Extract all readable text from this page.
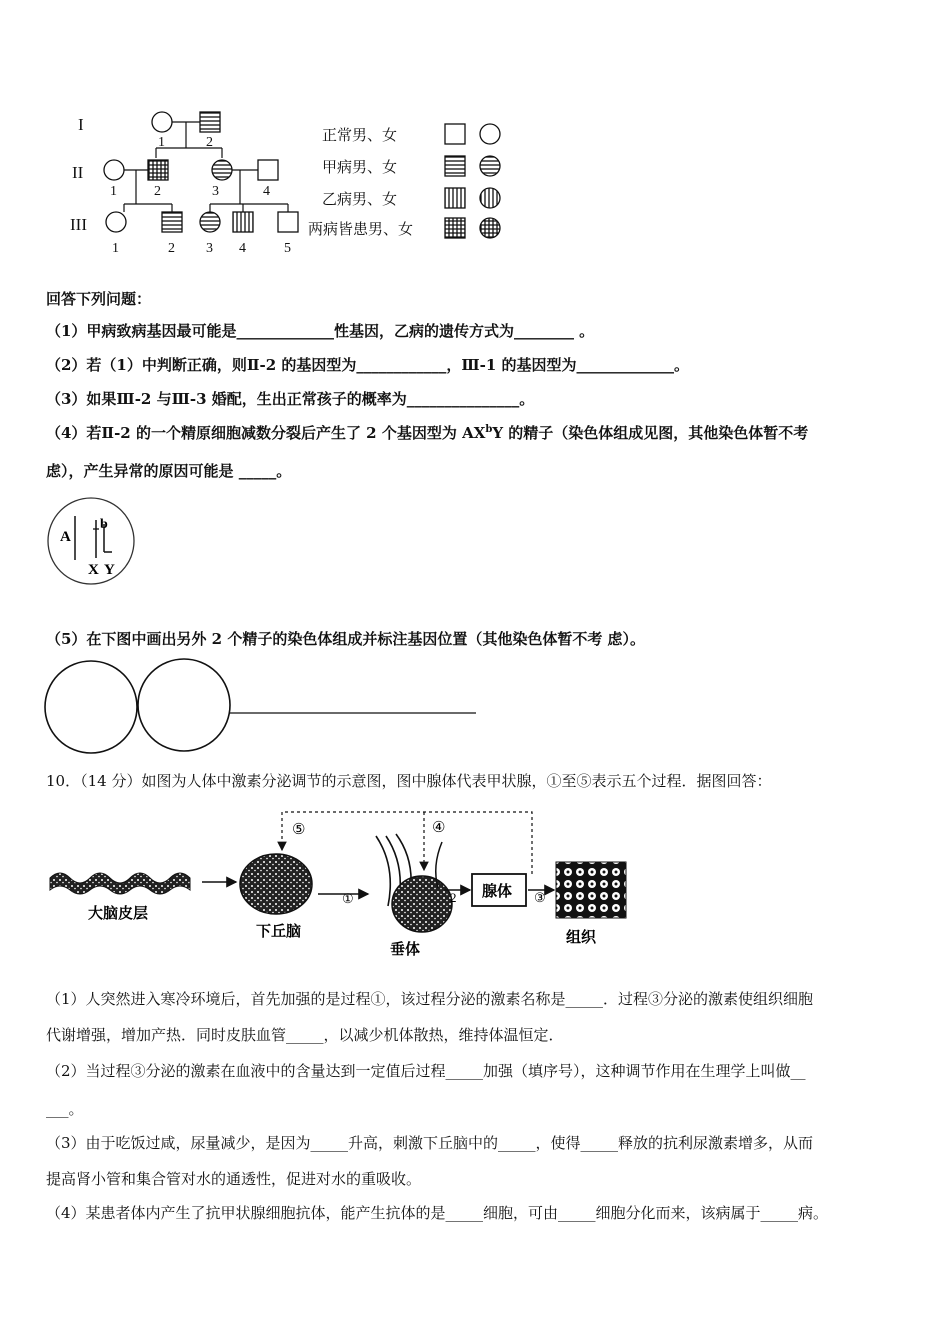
I
II
III
1	2
1	2	3	4
1	2 3 4	5
正常男、女
甲病男、女
乙病男、女
两病皆患男、女
回答下列问题：
（1）甲病致病基因最可能是_____________性基因，乙病的遗传方式为________ 。
（2）若（1）中判断正确，则Ⅱ-2 的基因型为____________，Ⅲ-1 的基因型为_____________。
（3）如果Ⅲ-2 与Ⅲ-3 婚配，生出正常孩子的概率为_______________。
（4）若Ⅱ-2 的一个精原细胞减数分裂后产生了 2 个基因型为 $AX^bY$ 的精子（染色体组成见图，其他染色体暂不考
虑），产生异常的原因可能是 _____。
A
b
X Y
（5）在下图中画出另外 2 个精子的染色体组成并标注基因位置（其他染色体暂不考 虑）。
10．（14 分）如图为人体中激素分泌调节的示意图，图中腺体代表甲状腺，①至⑤表示五个过程．据图回答：
大脑皮层
下丘脑
①
垂体
2 腺体 ③
组织
⑤	④
（1）人突然进入寒冷环境后，首先加强的是过程①，该过程分泌的激素名称是_____．过程③分泌的激素使组织细胞
代谢增强，增加产热．同时皮肤血管_____，以减少机体散热，维持体温恒定．
（2）当过程③分泌的激素在血液中的含量达到一定值后过程_____加强（填序号），这种调节作用在生理学上叫做__
___。
（3）由于吃饭过咸，尿量减少，是因为_____升高，刺激下丘脑中的_____，使得_____释放的抗利尿激素增多，从而
提高肾小管和集合管对水的通透性，促进对水的重吸收。
（4）某患者体内产生了抗甲状腺细胞抗体，能产生抗体的是_____细胞，可由_____细胞分化而来，该病属于_____病。
